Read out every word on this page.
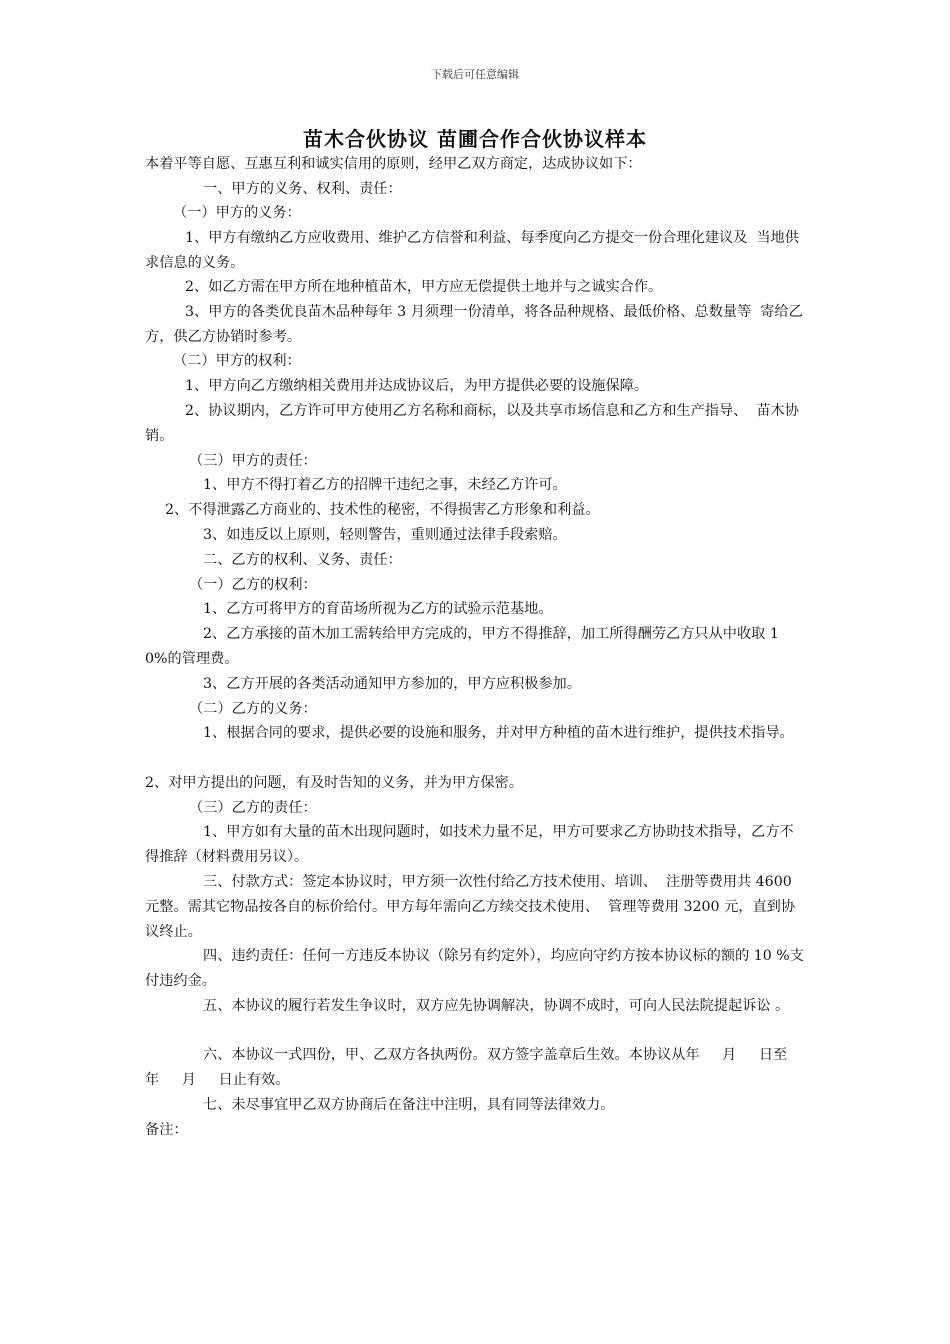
下载后可任意编辑
苗木合伙协议 苗圃合作合伙协议样本

本着平等自愿、互惠互利和诚实信用的原则，经甲乙双方商定，达成协议如下：

一、甲方的义务、权利、责任：

（一）甲方的义务：

1、甲方有缴纳乙方应收费用、维护乙方信誉和利益、每季度向乙方提交一份合理化建议及  当地供求信息的义务。

2、如乙方需在甲方所在地种植苗木，甲方应无偿提供土地并与之诚实合作。

3、甲方的各类优良苗木品种每年 3 月须理一份清单，将各品种规格、最低价格、总数量等  寄给乙方，供乙方协销时参考。

（二）甲方的权利：

1、甲方向乙方缴纳相关费用并达成协议后，为甲方提供必要的设施保障。

2、协议期内，乙方许可甲方使用乙方名称和商标，以及共享市场信息和乙方和生产指导、  苗木协销。

（三）甲方的责任：

1、甲方不得打着乙方的招牌干违纪之事，未经乙方许可。

2、不得泄露乙方商业的、技术性的秘密，不得损害乙方形象和利益。

3、如违反以上原则，轻则警告，重则通过法律手段索赔。

二、乙方的权利、义务、责任：

（一）乙方的权利：

1、乙方可将甲方的育苗场所视为乙方的试验示范基地。

2、乙方承接的苗木加工需转给甲方完成的，甲方不得推辞，加工所得酬劳乙方只从中收取 1 0%的管理费。

3、乙方开展的各类活动通知甲方参加的，甲方应积极参加。

（二）乙方的义务：

1、根据合同的要求，提供必要的设施和服务，并对甲方种植的苗木进行维护，提供技术指导。

2、对甲方提出的问题，有及时告知的义务，并为甲方保密。

（三）乙方的责任：

1、甲方如有大量的苗木出现问题时，如技术力量不足，甲方可要求乙方协助技术指导，乙方不得推辞（材料费用另议）。

三、付款方式：签定本协议时，甲方须一次性付给乙方技术使用、培训、  注册等费用共 4600 元整。需其它物品按各自的标价给付。甲方每年需向乙方续交技术使用、  管理等费用 3200 元，直到协议终止。

四、违约责任：任何一方违反本协议（除另有约定外），均应向守约方按本协议标的额的 10 %支付违约金。

五、本协议的履行若发生争议时，双方应先协调解决，协调不成时，可向人民法院提起诉讼 。

六、本协议一式四份，甲、乙双方各执两份。双方签字盖章后生效。本协议从年     月     日至     年     月     日止有效。

七、未尽事宜甲乙双方协商后在备注中注明，具有同等法律效力。

备注：
